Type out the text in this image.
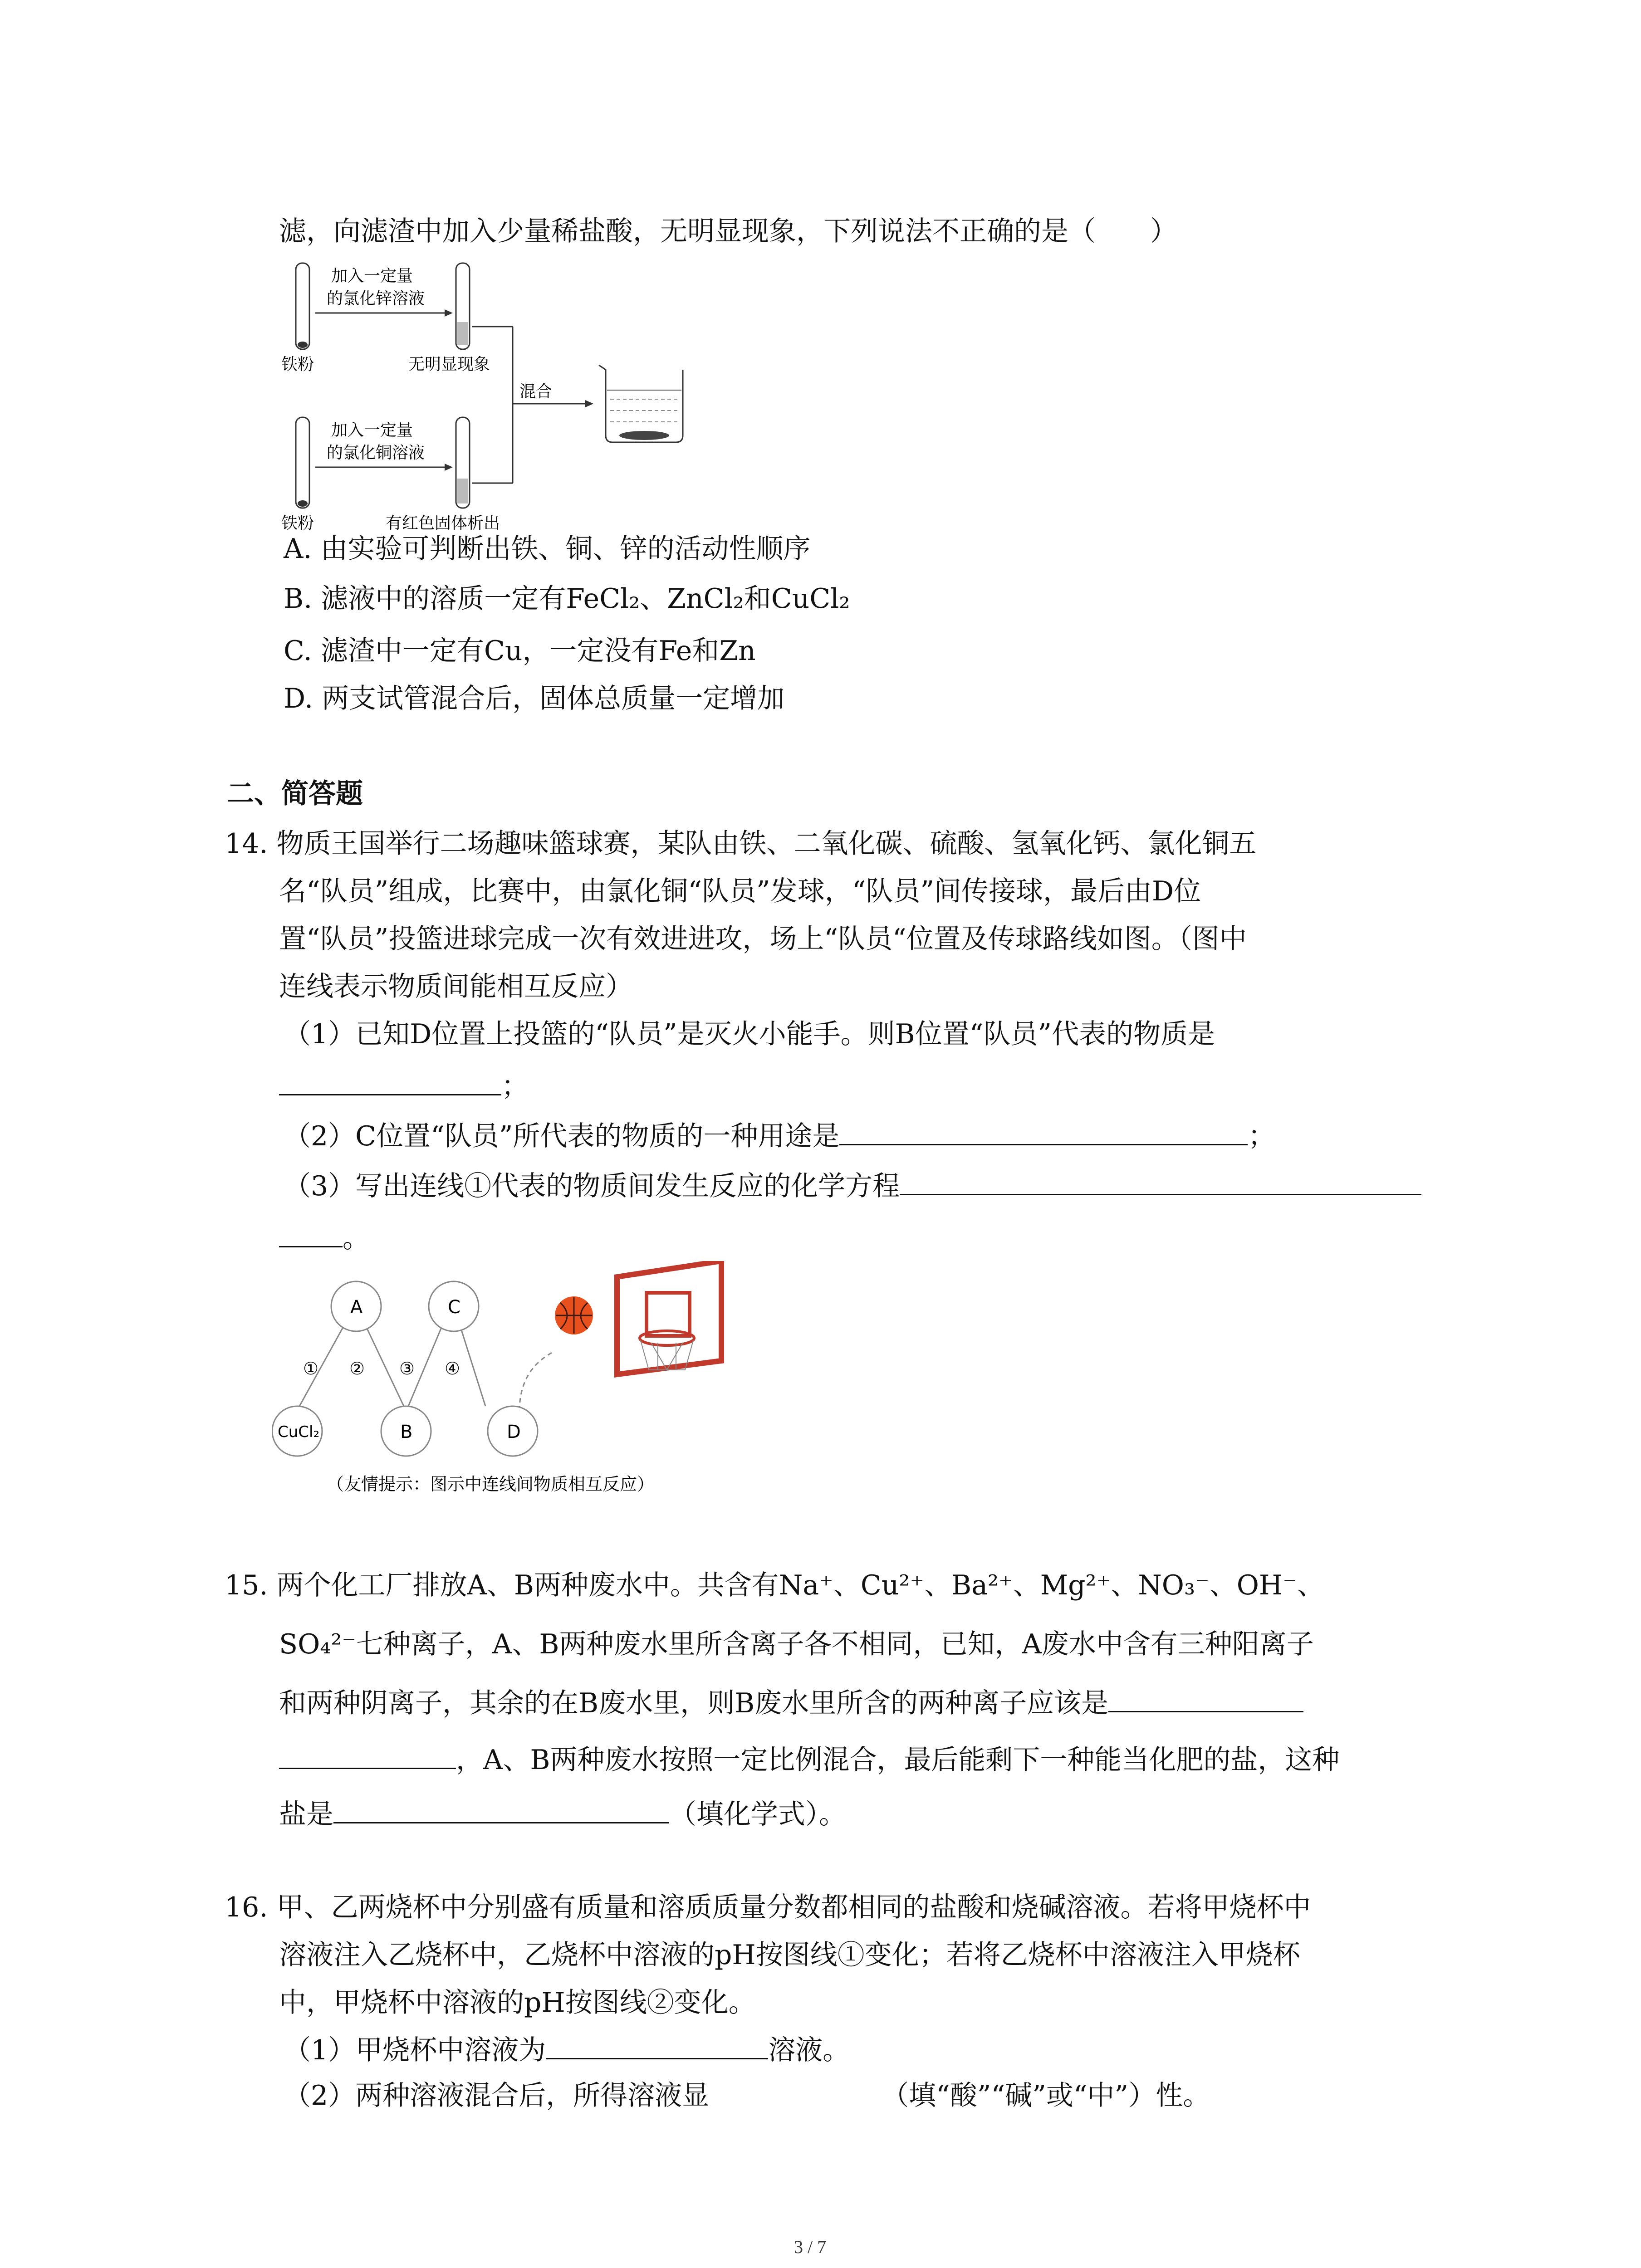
滤，向滤渣中加入少量稀盐酸，无明显现象，下列说法不正确的是（　　）
铁粉
加入一定量
的氯化锌溶液
无明显现象
混合
铁粉
加入一定量
的氯化铜溶液
有红色固体析出
A. 由实验可判断出铁、铜、锌的活动性顺序
B. 滤液中的溶质一定有FeCl₂、ZnCl₂和CuCl₂
C. 滤渣中一定有Cu，一定没有Fe和Zn
D. 两支试管混合后，固体总质量一定增加
二、简答题
14. 物质王国举行二场趣味篮球赛，某队由铁、二氧化碳、硫酸、氢氧化钙、氯化铜五
名“队员”组成，比赛中，由氯化铜“队员”发球，“队员”间传接球，最后由D位
置“队员”投篮进球完成一次有效进进攻，场上“队员“位置及传球路线如图。（图中
连线表示物质间能相互反应）
（1）已知D位置上投篮的“队员”是灭火小能手。则B位置“队员”代表的物质是
；
（2）C位置“队员”所代表的物质的一种用途是	；
（3）写出连线①代表的物质间发生反应的化学方程
。
A	C
CuCl₂	B	D
① ② ③ ④
（友情提示：图示中连线间物质相互反应）
15. 两个化工厂排放A、B两种废水中。共含有Na⁺、Cu²⁺、Ba²⁺、Mg²⁺、NO₃⁻、OH⁻、
SO₄²⁻七种离子，A、B两种废水里所含离子各不相同，已知，A废水中含有三种阳离子
和两种阴离子，其余的在B废水里，则B废水里所含的两种离子应该是
，A、B两种废水按照一定比例混合，最后能剩下一种能当化肥的盐，这种
盐是	（填化学式）。
16. 甲、乙两烧杯中分别盛有质量和溶质质量分数都相同的盐酸和烧碱溶液。若将甲烧杯中
溶液注入乙烧杯中，乙烧杯中溶液的pH按图线①变化；若将乙烧杯中溶液注入甲烧杯
中，甲烧杯中溶液的pH按图线②变化。
（1）甲烧杯中溶液为	溶液。
（2）两种溶液混合后，所得溶液显	（填“酸”“碱”或“中”）性。
3 / 7
